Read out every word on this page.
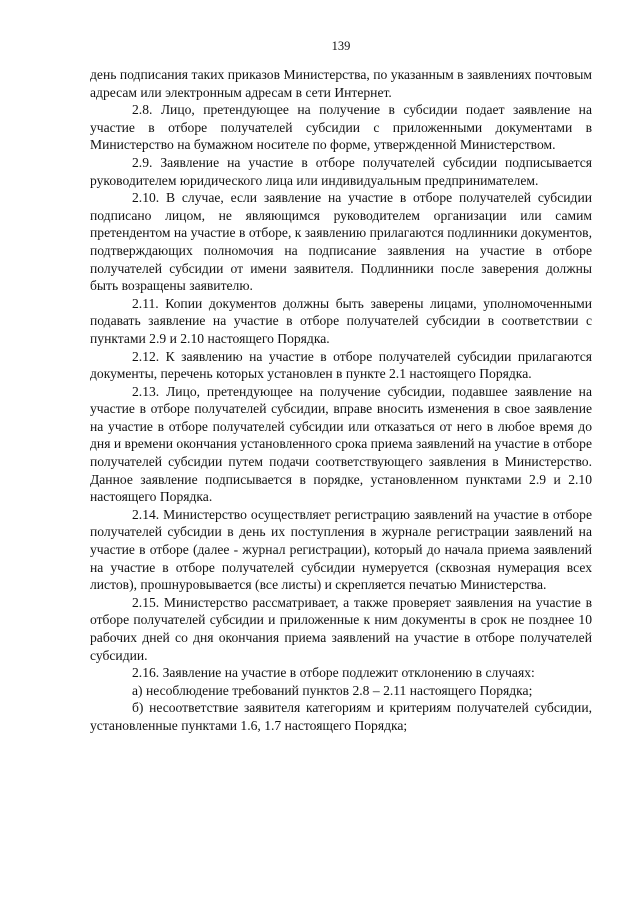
139

день подписания таких приказов Министерства, по указанным в заявлениях почтовым адресам или электронным адресам в сети Интернет.

2.8. Лицо, претендующее на получение в субсидии подает заявление на участие в отборе получателей субсидии с приложенными документами в Министерство на бумажном носителе по форме, утвержденной Министерством.

2.9. Заявление на участие в отборе получателей субсидии подписывается руководителем юридического лица или индивидуальным предпринимателем.

2.10. В случае, если заявление на участие в отборе получателей субсидии подписано лицом, не являющимся руководителем организации или самим претендентом на участие в отборе, к заявлению прилагаются подлинники документов, подтверждающих полномочия на подписание заявления на участие в отборе получателей субсидии от имени заявителя. Подлинники после заверения должны быть возращены заявителю.

2.11. Копии документов должны быть заверены лицами, уполномоченными подавать заявление на участие в отборе получателей субсидии в соответствии с пунктами 2.9 и 2.10 настоящего Порядка.

2.12. К заявлению на участие в отборе получателей субсидии прилагаются документы, перечень которых установлен в пункте 2.1 настоящего Порядка.

2.13. Лицо, претендующее на получение субсидии, подавшее заявление на участие в отборе получателей субсидии, вправе вносить изменения в свое заявление на участие в отборе получателей субсидии или отказаться от него в любое время до дня и времени окончания установленного срока приема заявлений на участие в отборе получателей субсидии путем подачи соответствующего заявления в Министерство. Данное заявление подписывается в порядке, установленном пунктами 2.9 и 2.10 настоящего Порядка.

2.14. Министерство осуществляет регистрацию заявлений на участие в отборе получателей субсидии в день их поступления в журнале регистрации заявлений на участие в отборе (далее - журнал регистрации), который до начала приема заявлений на участие в отборе получателей субсидии нумеруется (сквозная нумерация всех листов), прошнуровывается (все листы) и скрепляется печатью Министерства.

2.15. Министерство рассматривает, а также проверяет заявления на участие в отборе получателей субсидии и приложенные к ним документы в срок не позднее 10 рабочих дней со дня окончания приема заявлений на участие в отборе получателей субсидии.

2.16. Заявление на участие в отборе подлежит отклонению в случаях:

а) несоблюдение требований пунктов 2.8 – 2.11 настоящего Порядка;

б) несоответствие заявителя категориям и критериям получателей субсидии, установленные пунктами 1.6, 1.7 настоящего Порядка;
